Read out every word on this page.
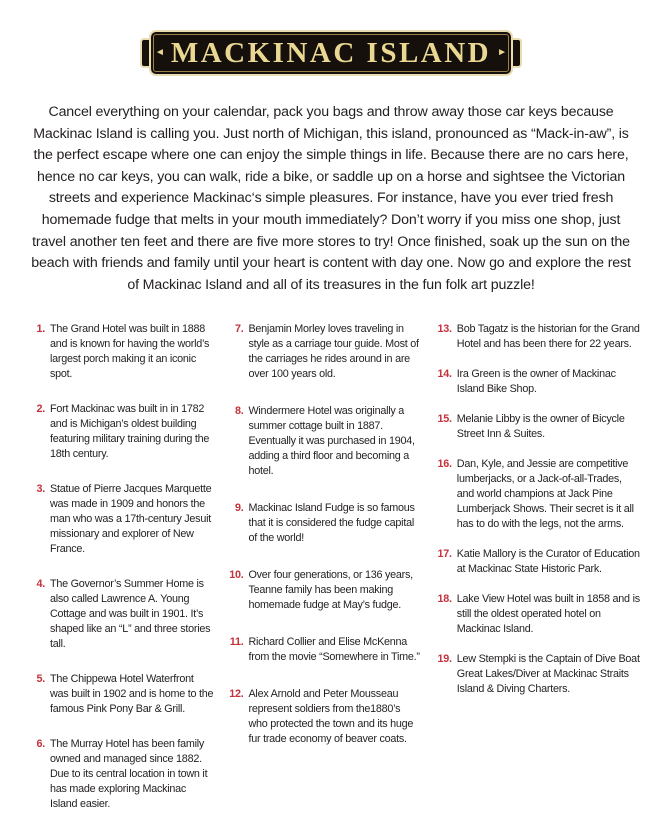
◄ MACKINAC ISLAND ►

Cancel everything on your calendar, pack you bags and throw away those car keys because Mackinac Island is calling you. Just north of Michigan, this island, pronounced as “Mack-in-aw”, is the perfect escape where one can enjoy the simple things in life. Because there are no cars here, hence no car keys, you can walk, ride a bike, or saddle up on a horse and sightsee the Victorian streets and experience Mackinac‘s simple pleasures. For instance, have you ever tried fresh homemade fudge that melts in your mouth immediately? Don’t worry if you miss one shop, just travel another ten feet and there are five more stores to try! Once finished, soak up the sun on the beach with friends and family until your heart is content with day one. Now go and explore the rest of Mackinac Island and all of its treasures in the fun folk art puzzle!

1. The Grand Hotel was built in 1888 and is known for having the world’s largest porch making it an iconic spot.
2. Fort Mackinac was built in in 1782 and is Michigan’s oldest building featuring military training during the 18th century.
3. Statue of Pierre Jacques Marquette was made in 1909 and honors the man who was a 17th-century Jesuit missionary and explorer of New France.
4. The Governor’s Summer Home is also called Lawrence A. Young Cottage and was built in 1901. It’s shaped like an “L” and three stories tall.
5. The Chippewa Hotel Waterfront was built in 1902 and is home to the famous Pink Pony Bar & Grill.
6. The Murray Hotel has been family owned and managed since 1882. Due to its central location in town it has made exploring Mackinac Island easier.
7. Benjamin Morley loves traveling in style as a carriage tour guide. Most of the carriages he rides around in are over 100 years old.
8. Windermere Hotel was originally a summer cottage built in 1887. Eventually it was purchased in 1904, adding a third floor and becoming a hotel.
9. Mackinac Island Fudge is so famous that it is considered the fudge capital of the world!
10. Over four generations, or 136 years, Teanne family has been making homemade fudge at May’s fudge.
11. Richard Collier and Elise McKenna from the movie “Somewhere in Time.”
12. Alex Arnold and Peter Mousseau represent soldiers from the1880’s who protected the town and its huge fur trade economy of beaver coats.
13. Bob Tagatz is the historian for the Grand Hotel and has been there for 22 years.
14. Ira Green is the owner of Mackinac Island Bike Shop.
15. Melanie Libby is the owner of Bicycle Street Inn & Suites.
16. Dan, Kyle, and Jessie are competitive lumberjacks, or a Jack-of-all-Trades, and world champions at Jack Pine Lumberjack Shows. Their secret is it all has to do with the legs, not the arms.
17. Katie Mallory is the Curator of Education at Mackinac State Historic Park.
18. Lake View Hotel was built in 1858 and is still the oldest operated hotel on Mackinac Island.
19. Lew Stempki is the Captain of Dive Boat Great Lakes/Diver at Mackinac Straits Island & Diving Charters.
